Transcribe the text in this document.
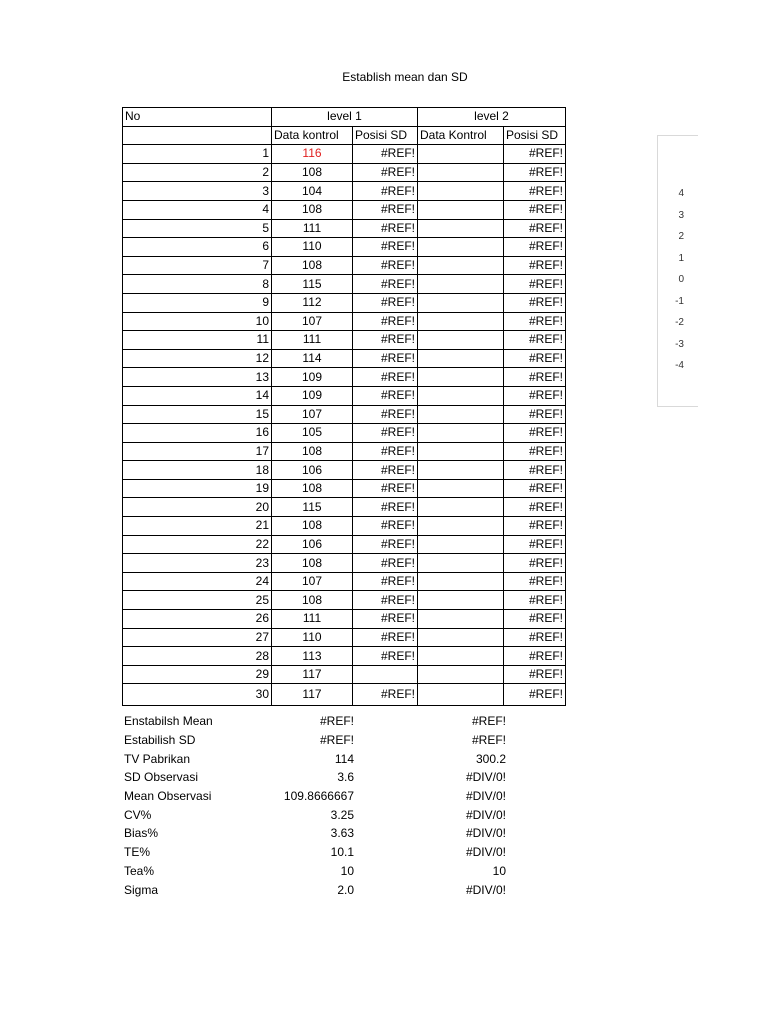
Establish mean dan SD
No	level 1		level 2	
	Data kontrol	Posisi SD	Data Kontrol	Posisi SD
1	116	#REF!		#REF!
2	108	#REF!		#REF!
3	104	#REF!		#REF!
4	108	#REF!		#REF!
5	111	#REF!		#REF!
6	110	#REF!		#REF!
7	108	#REF!		#REF!
8	115	#REF!		#REF!
9	112	#REF!		#REF!
10	107	#REF!		#REF!
11	111	#REF!		#REF!
12	114	#REF!		#REF!
13	109	#REF!		#REF!
14	109	#REF!		#REF!
15	107	#REF!		#REF!
16	105	#REF!		#REF!
17	108	#REF!		#REF!
18	106	#REF!		#REF!
19	108	#REF!		#REF!
20	115	#REF!		#REF!
21	108	#REF!		#REF!
22	106	#REF!		#REF!
23	108	#REF!		#REF!
24	107	#REF!		#REF!
25	108	#REF!		#REF!
26	111	#REF!		#REF!
27	110	#REF!		#REF!
28	113	#REF!		#REF!
29	117			#REF!
30	117	#REF!		#REF!
Enstabilsh Mean	#REF!		#REF!
Estabilish SD	#REF!		#REF!
TV Pabrikan	114		300.2
SD Observasi	3.6		#DIV/0!
Mean Observasi	109.8666667		#DIV/0!
CV%	3.25		#DIV/0!
Bias%	3.63		#DIV/0!
TE%	10.1		#DIV/0!
Tea%	10		10
Sigma	2.0		#DIV/0!
4
3
2
1
0
-1
-2
-3
-4
